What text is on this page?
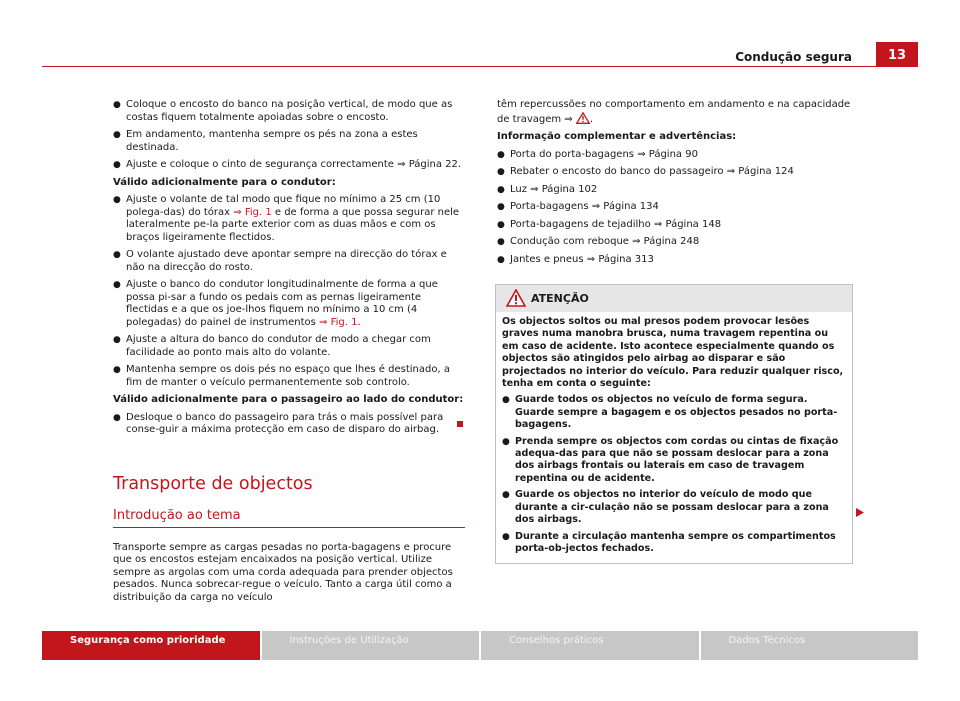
Condução segura	13
● Coloque o encosto do banco na posição vertical, de modo que as costas fiquem totalmente apoiadas sobre o encosto.
● Em andamento, mantenha sempre os pés na zona a estes destinada.
● Ajuste e coloque o cinto de segurança correctamente ⇒ Página 22.

Válido adicionalmente para o condutor:

● Ajuste o volante de tal modo que fique no mínimo a 25 cm (10 polega-das) do tórax ⇒ Fig. 1 e de forma a que possa segurar nele lateralmente pe-la parte exterior com as duas mãos e com os braços ligeiramente flectidos.
● O volante ajustado deve apontar sempre na direcção do tórax e não na direcção do rosto.
● Ajuste o banco do condutor longitudinalmente de forma a que possa pi-sar a fundo os pedais com as pernas ligeiramente flectidas e a que os joe-lhos fiquem no mínimo a 10 cm (4 polegadas) do painel de instrumentos ⇒ Fig. 1.
● Ajuste a altura do banco do condutor de modo a chegar com facilidade ao ponto mais alto do volante.
● Mantenha sempre os dois pés no espaço que lhes é destinado, a fim de manter o veículo permanentemente sob controlo.

Válido adicionalmente para o passageiro ao lado do condutor:

● Desloque o banco do passageiro para trás o mais possível para conse-guir a máxima protecção em caso de disparo do airbag.
Transporte de objectos
Introdução ao tema

Transporte sempre as cargas pesadas no porta-bagagens e procure que os encostos estejam encaixados na posição vertical. Utilize sempre as argolas com uma corda adequada para prender objectos pesados. Nunca sobrecar-regue o veículo. Tanto a carga útil como a distribuição da carga no veículo

têm repercussões no comportamento em andamento e na capacidade de travagem ⇒ .

Informação complementar e advertências:

● Porta do porta-bagagens ⇒ Página 90
● Rebater o encosto do banco do passageiro ⇒ Página 124
● Luz ⇒ Página 102
● Porta-bagagens ⇒ Página 134
● Porta-bagagens de tejadilho ⇒ Página 148
● Condução com reboque ⇒ Página 248
● Jantes e pneus ⇒ Página 313
ATENÇÃO

Os objectos soltos ou mal presos podem provocar lesões graves numa manobra brusca, numa travagem repentina ou em caso de acidente. Isto acontece especialmente quando os objectos são atingidos pelo airbag ao disparar e são projectados no interior do veículo. Para reduzir qualquer risco, tenha em conta o seguinte:

● Guarde todos os objectos no veículo de forma segura. Guarde sempre a bagagem e os objectos pesados no porta-bagagens.
● Prenda sempre os objectos com cordas ou cintas de fixação adequa-das para que não se possam deslocar para a zona dos airbags frontais ou laterais em caso de travagem repentina ou de acidente.
● Guarde os objectos no interior do veículo de modo que durante a cir-culação não se possam deslocar para a zona dos airbags.
● Durante a circulação mantenha sempre os compartimentos porta-ob-jectos fechados.
Segurança como prioridade	Instruções de Utilização	Conselhos práticos	Dados Técnicos
